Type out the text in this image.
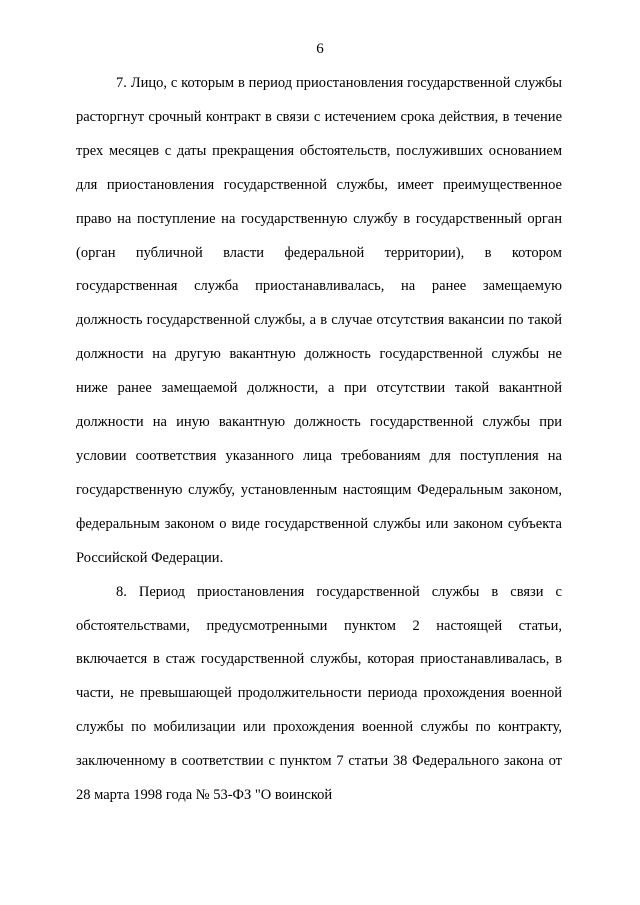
6

7. Лицо, с которым в период приостановления государственной службы расторгнут срочный контракт в связи с истечением срока действия, в течение трех месяцев с даты прекращения обстоятельств, послуживших основанием для приостановления государственной службы, имеет преимущественное право на поступление на государственную службу в государственный орган (орган публичной власти федеральной территории), в котором государственная служба приостанавливалась, на ранее замещаемую должность государственной службы, а в случае отсутствия вакансии по такой должности на другую вакантную должность государственной службы не ниже ранее замещаемой должности, а при отсутствии такой вакантной должности на иную вакантную должность государственной службы при условии соответствия указанного лица требованиям для поступления на государственную службу, установленным настоящим Федеральным законом, федеральным законом о виде государственной службы или законом субъекта Российской Федерации.

8. Период приостановления государственной службы в связи с обстоятельствами, предусмотренными пунктом 2 настоящей статьи, включается в стаж государственной службы, которая приостанавливалась, в части, не превышающей продолжительности периода прохождения военной службы по мобилизации или прохождения военной службы по контракту, заключенному в соответствии с пунктом 7 статьи 38 Федерального закона от 28 марта 1998 года № 53-ФЗ "О воинской
